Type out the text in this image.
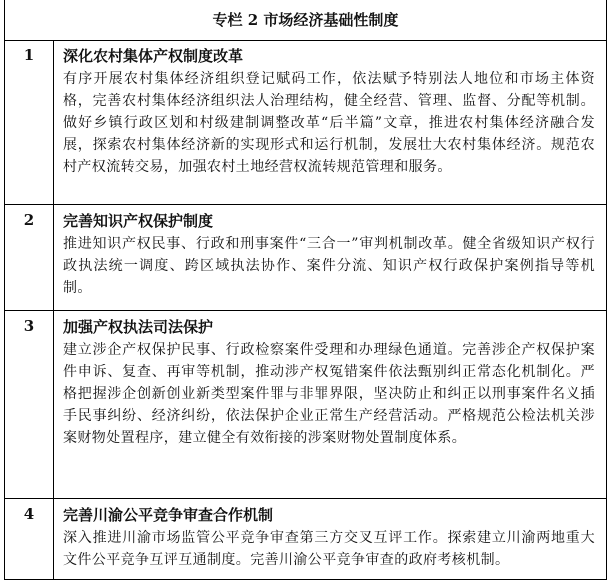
专栏 2 市场经济基础性制度
1	深化农村集体产权制度改革
有序开展农村集体经济组织登记赋码工作，依法赋予特别法人地位和市场主体资格，完善农村集体经济组织法人治理结构，健全经营、管理、监督、分配等机制。做好乡镇行政区划和村级建制调整改革“后半篇”文章，推进农村集体经济融合发展，探索农村集体经济新的实现形式和运行机制，发展壮大农村集体经济。规范农村产权流转交易，加强农村土地经营权流转规范管理和服务。
2	完善知识产权保护制度
推进知识产权民事、行政和刑事案件“三合一”审判机制改革。健全省级知识产权行政执法统一调度、跨区域执法协作、案件分流、知识产权行政保护案例指导等机制。
3	加强产权执法司法保护
建立涉企产权保护民事、行政检察案件受理和办理绿色通道。完善涉企产权保护案件申诉、复查、再审等机制，推动涉产权冤错案件依法甄别纠正常态化机制化。严格把握涉企创新创业新类型案件罪与非罪界限，坚决防止和纠正以刑事案件名义插手民事纠纷、经济纠纷，依法保护企业正常生产经营活动。严格规范公检法机关涉案财物处置程序，建立健全有效衔接的涉案财物处置制度体系。
4	完善川渝公平竞争审查合作机制
深入推进川渝市场监管公平竞争审查第三方交叉互评工作。探索建立川渝两地重大文件公平竞争互评互通制度。完善川渝公平竞争审查的政府考核机制。
